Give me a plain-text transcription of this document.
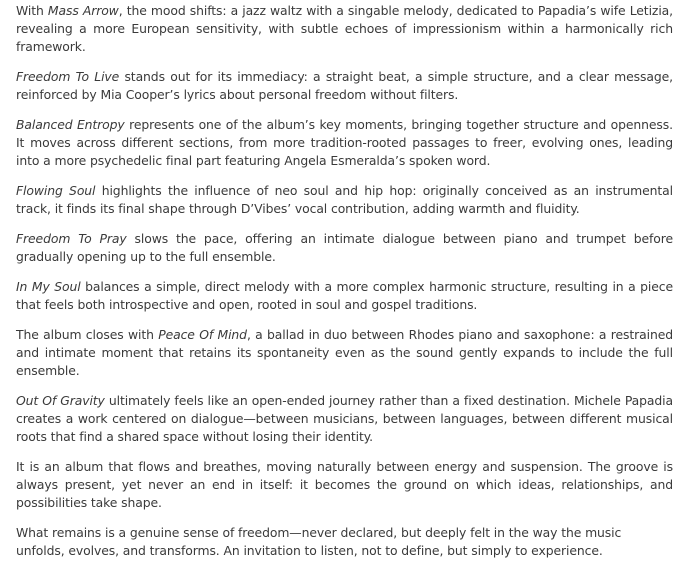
With Mass Arrow, the mood shifts: a jazz waltz with a singable melody, dedicated to Papadia’s wife Letizia, revealing a more European sensitivity, with subtle echoes of impressionism within a harmonically rich framework.

Freedom To Live stands out for its immediacy: a straight beat, a simple structure, and a clear message, reinforced by Mia Cooper’s lyrics about personal freedom without filters.

Balanced Entropy represents one of the album’s key moments, bringing together structure and openness. It moves across different sections, from more tradition-rooted passages to freer, evolving ones, leading into a more psychedelic final part featuring Angela Esmeralda’s spoken word.

Flowing Soul highlights the influence of neo soul and hip hop: originally conceived as an instrumental track, it finds its final shape through D’Vibes’ vocal contribution, adding warmth and fluidity.

Freedom To Pray slows the pace, offering an intimate dialogue between piano and trumpet before gradually opening up to the full ensemble.

In My Soul balances a simple, direct melody with a more complex harmonic structure, resulting in a piece that feels both introspective and open, rooted in soul and gospel traditions.

The album closes with Peace Of Mind, a ballad in duo between Rhodes piano and saxophone: a restrained and intimate moment that retains its spontaneity even as the sound gently expands to include the full ensemble.

Out Of Gravity ultimately feels like an open-ended journey rather than a fixed destination. Michele Papadia creates a work centered on dialogue—between musicians, between languages, between different musical roots that find a shared space without losing their identity.

It is an album that flows and breathes, moving naturally between energy and suspension. The groove is always present, yet never an end in itself: it becomes the ground on which ideas, relationships, and possibilities take shape.

What remains is a genuine sense of freedom—never declared, but deeply felt in the way the music unfolds, evolves, and transforms. An invitation to listen, not to define, but simply to experience.
